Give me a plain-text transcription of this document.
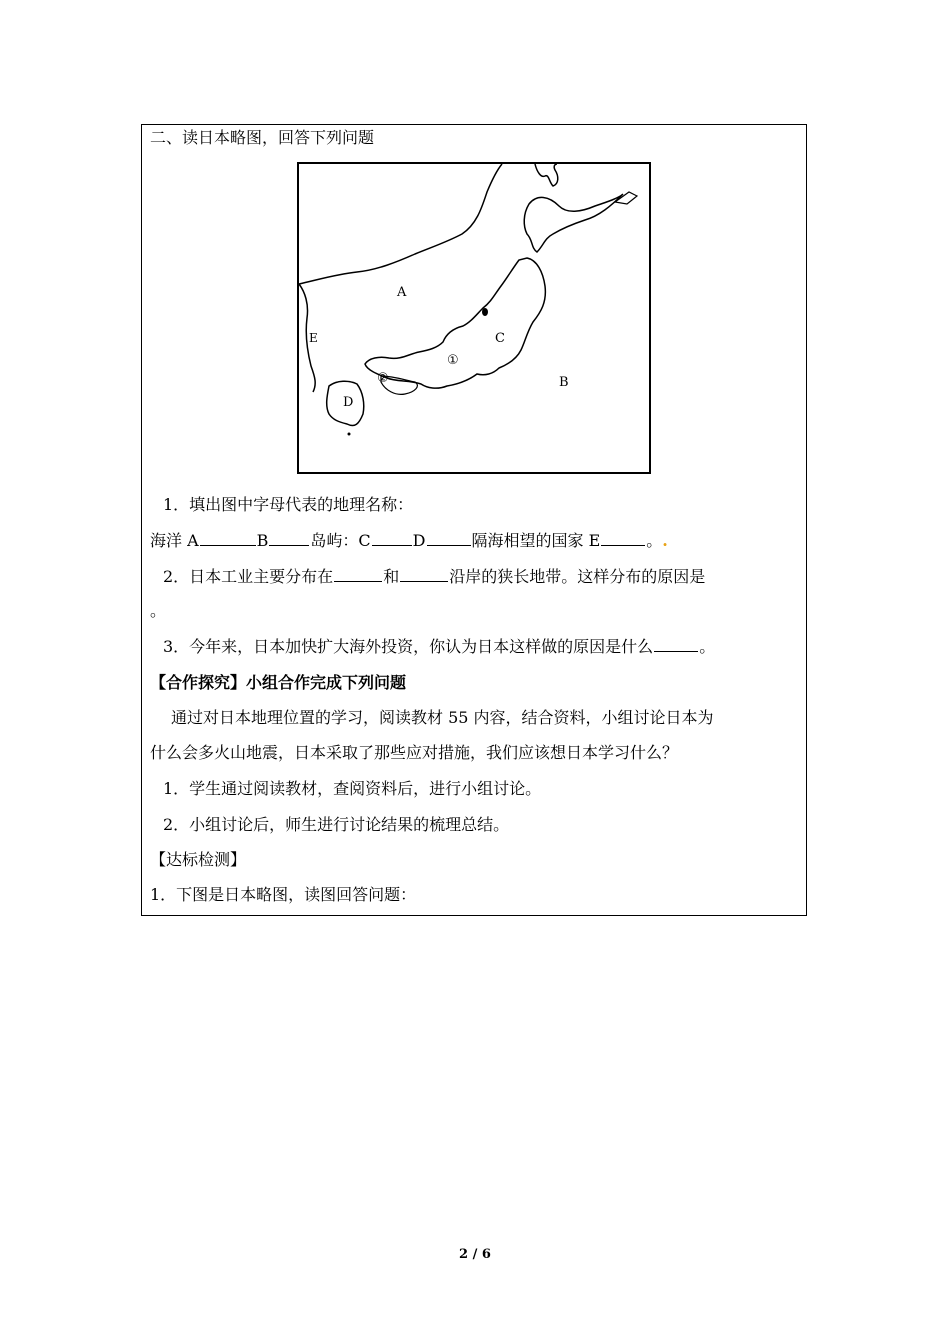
二、读日本略图，回答下列问题
A
C
B
E
D
①
②
1．填出图中字母代表的地理名称：
海洋 A	B	岛屿：C	D	隔海相望的国家 E	。.
2．日本工业主要分布在	和	沿岸的狭长地带。这样分布的原因是
。
3．今年来，日本加快扩大海外投资，你认为日本这样做的原因是什么	。
【合作探究】小组合作完成下列问题
通过对日本地理位置的学习，阅读教材 55 内容，结合资料，小组讨论日本为
什么会多火山地震，日本采取了那些应对措施，我们应该想日本学习什么？
1．学生通过阅读教材，查阅资料后，进行小组讨论。
2．小组讨论后，师生进行讨论结果的梳理总结。
【达标检测】
1．下图是日本略图，读图回答问题：
2 / 6
